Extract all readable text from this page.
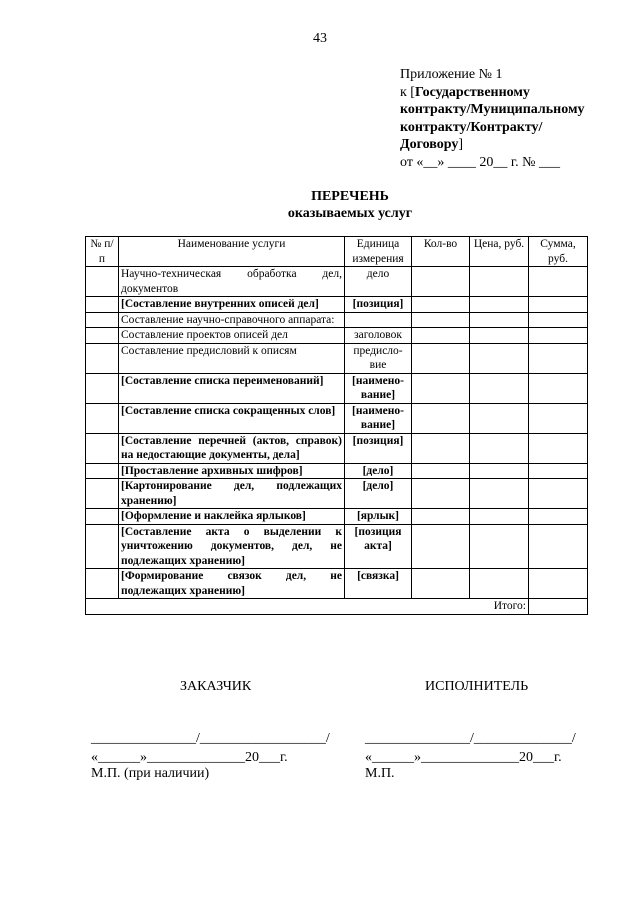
43
Приложение № 1
к [Государственному
контракту/Муниципальному
контракту/Контракту/
Договору]
от «__» ____ 20__ г. № ___
ПЕРЕЧЕНЬ
оказываемых услуг
№ п/п	Наименование услуги	Единица измерения	Кол-во	Цена, руб.	Сумма, руб.
	Научно-техническая обработка дел, документов	дело			
	[Составление внутренних описей дел]	[позиция]			
	Составление научно-справочного аппарата:				
	Составление проектов описей дел	заголовок			
	Составление предисловий к описям	предисло-вие			
	[Составление списка переименований]	[наимено-вание]			
	[Составление списка сокращенных слов]	[наимено-вание]			
	[Составление перечней (актов, справок) на недостающие документы, дела]	[позиция]			
	[Проставление архивных шифров]	[дело]			
	[Картонирование дел, подлежащих хранению]	[дело]			
	[Оформление и наклейка ярлыков]	[ярлык]			
	[Составление акта о выделении к уничтожению документов, дел, не подлежащих хранению]	[позиция акта]			
	[Формирование связок дел, не подлежащих хранению]	[связка]			
Итого:					
ЗАКАЗЧИК	ИСПОЛНИТЕЛЬ
_______________/__________________/	_______________/______________/
«______»______________20___г.	«______»______________20___г.
М.П. (при наличии)	М.П.
